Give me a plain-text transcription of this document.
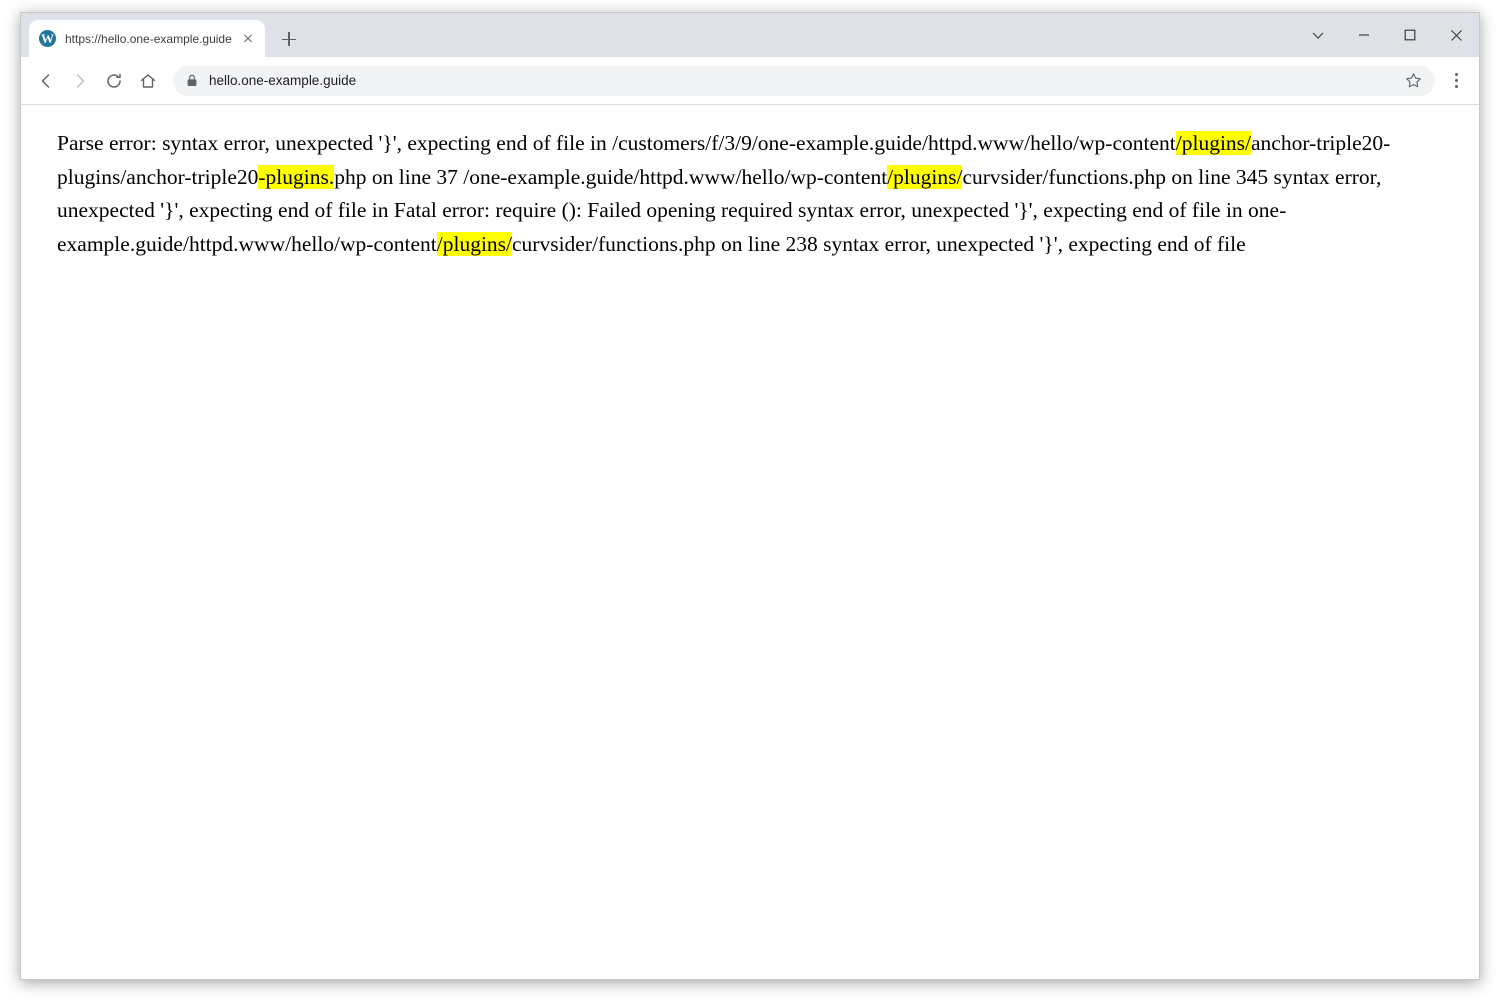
W https://hello.one-example.guide
hello.one-example.guide
Parse error: syntax error, unexpected '}', expecting end of file in /customers/f/3/9/one-example.guide/httpd.www/hello/wp-content/plugins/anchor-triple20-plugins/anchor-triple20-plugins.php on line 37 /one-example.guide/httpd.www/hello/wp-content/plugins/curvsider/functions.php on line 345 syntax error, unexpected '}', expecting end of file in Fatal error: require (): Failed opening required syntax error, unexpected '}', expecting end of file in one-example.guide/httpd.www/hello/wp-content/plugins/curvsider/functions.php on line 238 syntax error, unexpected '}', expecting end of file
